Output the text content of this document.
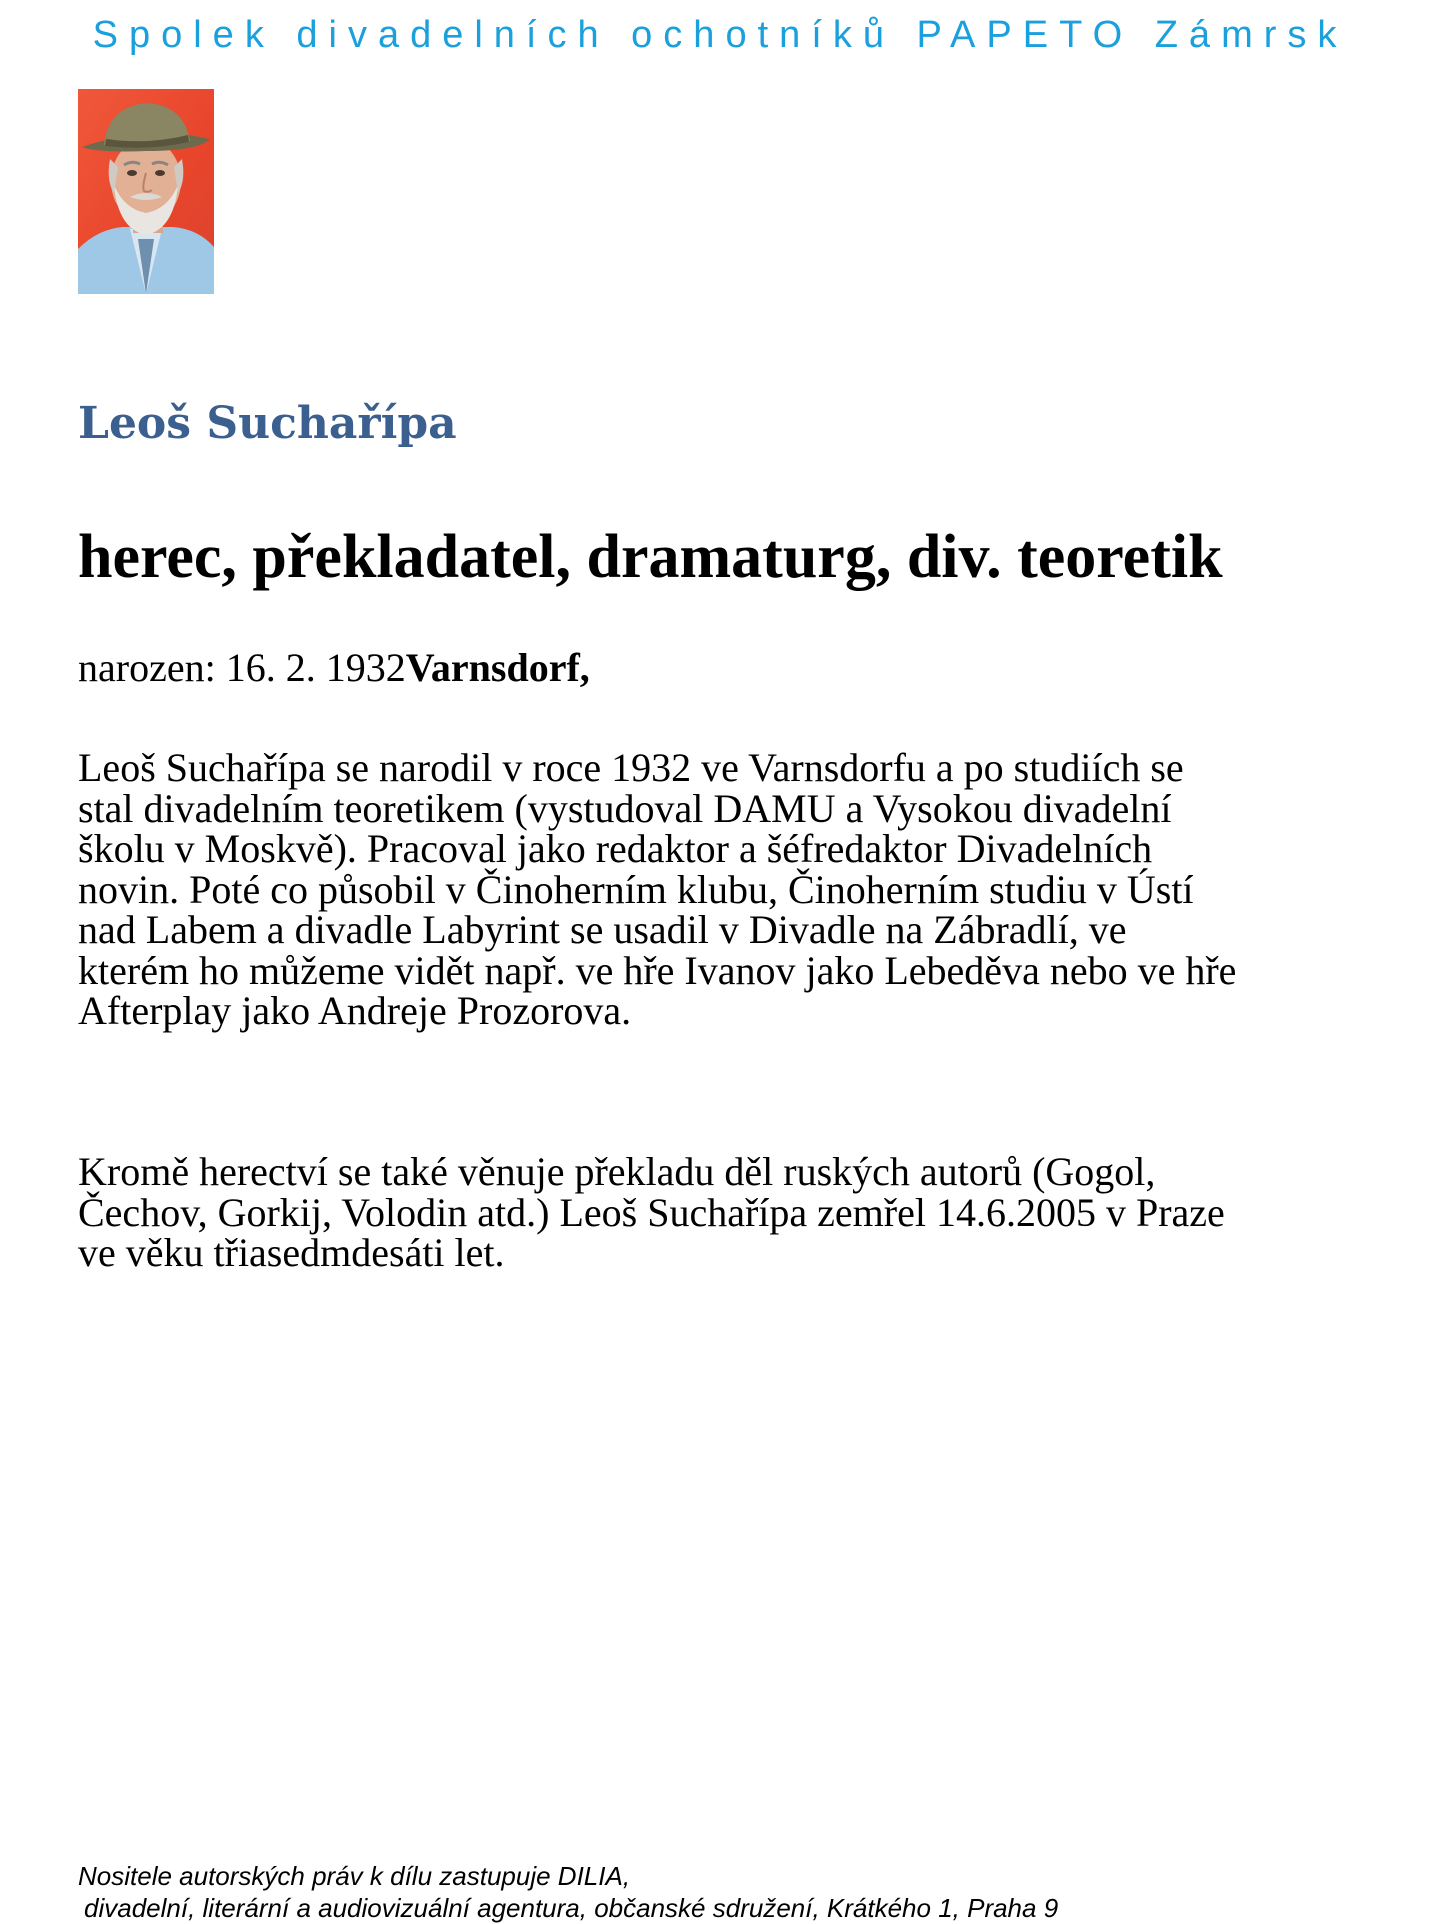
Spolek divadelních ochotníků PAPETO Zámrsk
Leoš Suchařípa
herec, překladatel, dramaturg, div. teoretik
narozen: 16. 2. 1932Varnsdorf,
Leoš Suchařípa se narodil v roce 1932 ve Varnsdorfu a po studiích se
stal divadelním teoretikem (vystudoval DAMU a Vysokou divadelní
školu v Moskvě). Pracoval jako redaktor a šéfredaktor Divadelních
novin. Poté co působil v Činoherním klubu, Činoherním studiu v Ústí
nad Labem a divadle Labyrint se usadil v Divadle na Zábradlí, ve
kterém ho můžeme vidět např. ve hře Ivanov jako Lebeděva nebo ve hře
Afterplay jako Andreje Prozorova.
Kromě herectví se také věnuje překladu děl ruských autorů (Gogol,
Čechov, Gorkij, Volodin atd.) Leoš Suchařípa zemřel 14.6.2005 v Praze
ve věku třiasedmdesáti let.
Nositele autorských práv k dílu zastupuje DILIA,
divadelní, literární a audiovizuální agentura, občanské sdružení, Krátkého 1, Praha 9
